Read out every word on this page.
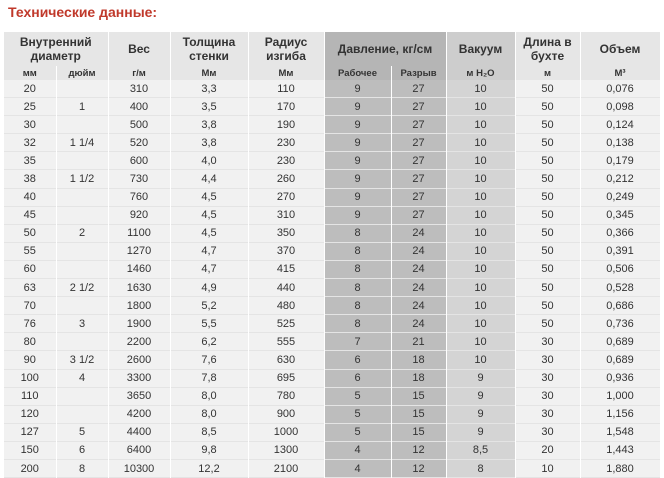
Технические данные:
Внутренний диаметр		Вес	Толщина стенки	Радиус изгиба	Давление, кг/см		Вакуум	Длина в бухте	Объем
мм	дюйм	г/м	Мм	Мм	Рабочее	Разрыв	м H₂O	м	М³
20		310	3,3	110	9	27	10	50	0,076
25	1	400	3,5	170	9	27	10	50	0,098
30		500	3,8	190	9	27	10	50	0,124
32	1 1/4	520	3,8	230	9	27	10	50	0,138
35		600	4,0	230	9	27	10	50	0,179
38	1 1/2	730	4,4	260	9	27	10	50	0,212
40		760	4,5	270	9	27	10	50	0,249
45		920	4,5	310	9	27	10	50	0,345
50	2	1100	4,5	350	8	24	10	50	0,366
55		1270	4,7	370	8	24	10	50	0,391
60		1460	4,7	415	8	24	10	50	0,506
63	2 1/2	1630	4,9	440	8	24	10	50	0,528
70		1800	5,2	480	8	24	10	50	0,686
76	3	1900	5,5	525	8	24	10	50	0,736
80		2200	6,2	555	7	21	10	30	0,689
90	3 1/2	2600	7,6	630	6	18	10	30	0,689
100	4	3300	7,8	695	6	18	9	30	0,936
110		3650	8,0	780	5	15	9	30	1,000
120		4200	8,0	900	5	15	9	30	1,156
127	5	4400	8,5	1000	5	15	9	30	1,548
150	6	6400	9,8	1300	4	12	8,5	20	1,443
200	8	10300	12,2	2100	4	12	8	10	1,880
